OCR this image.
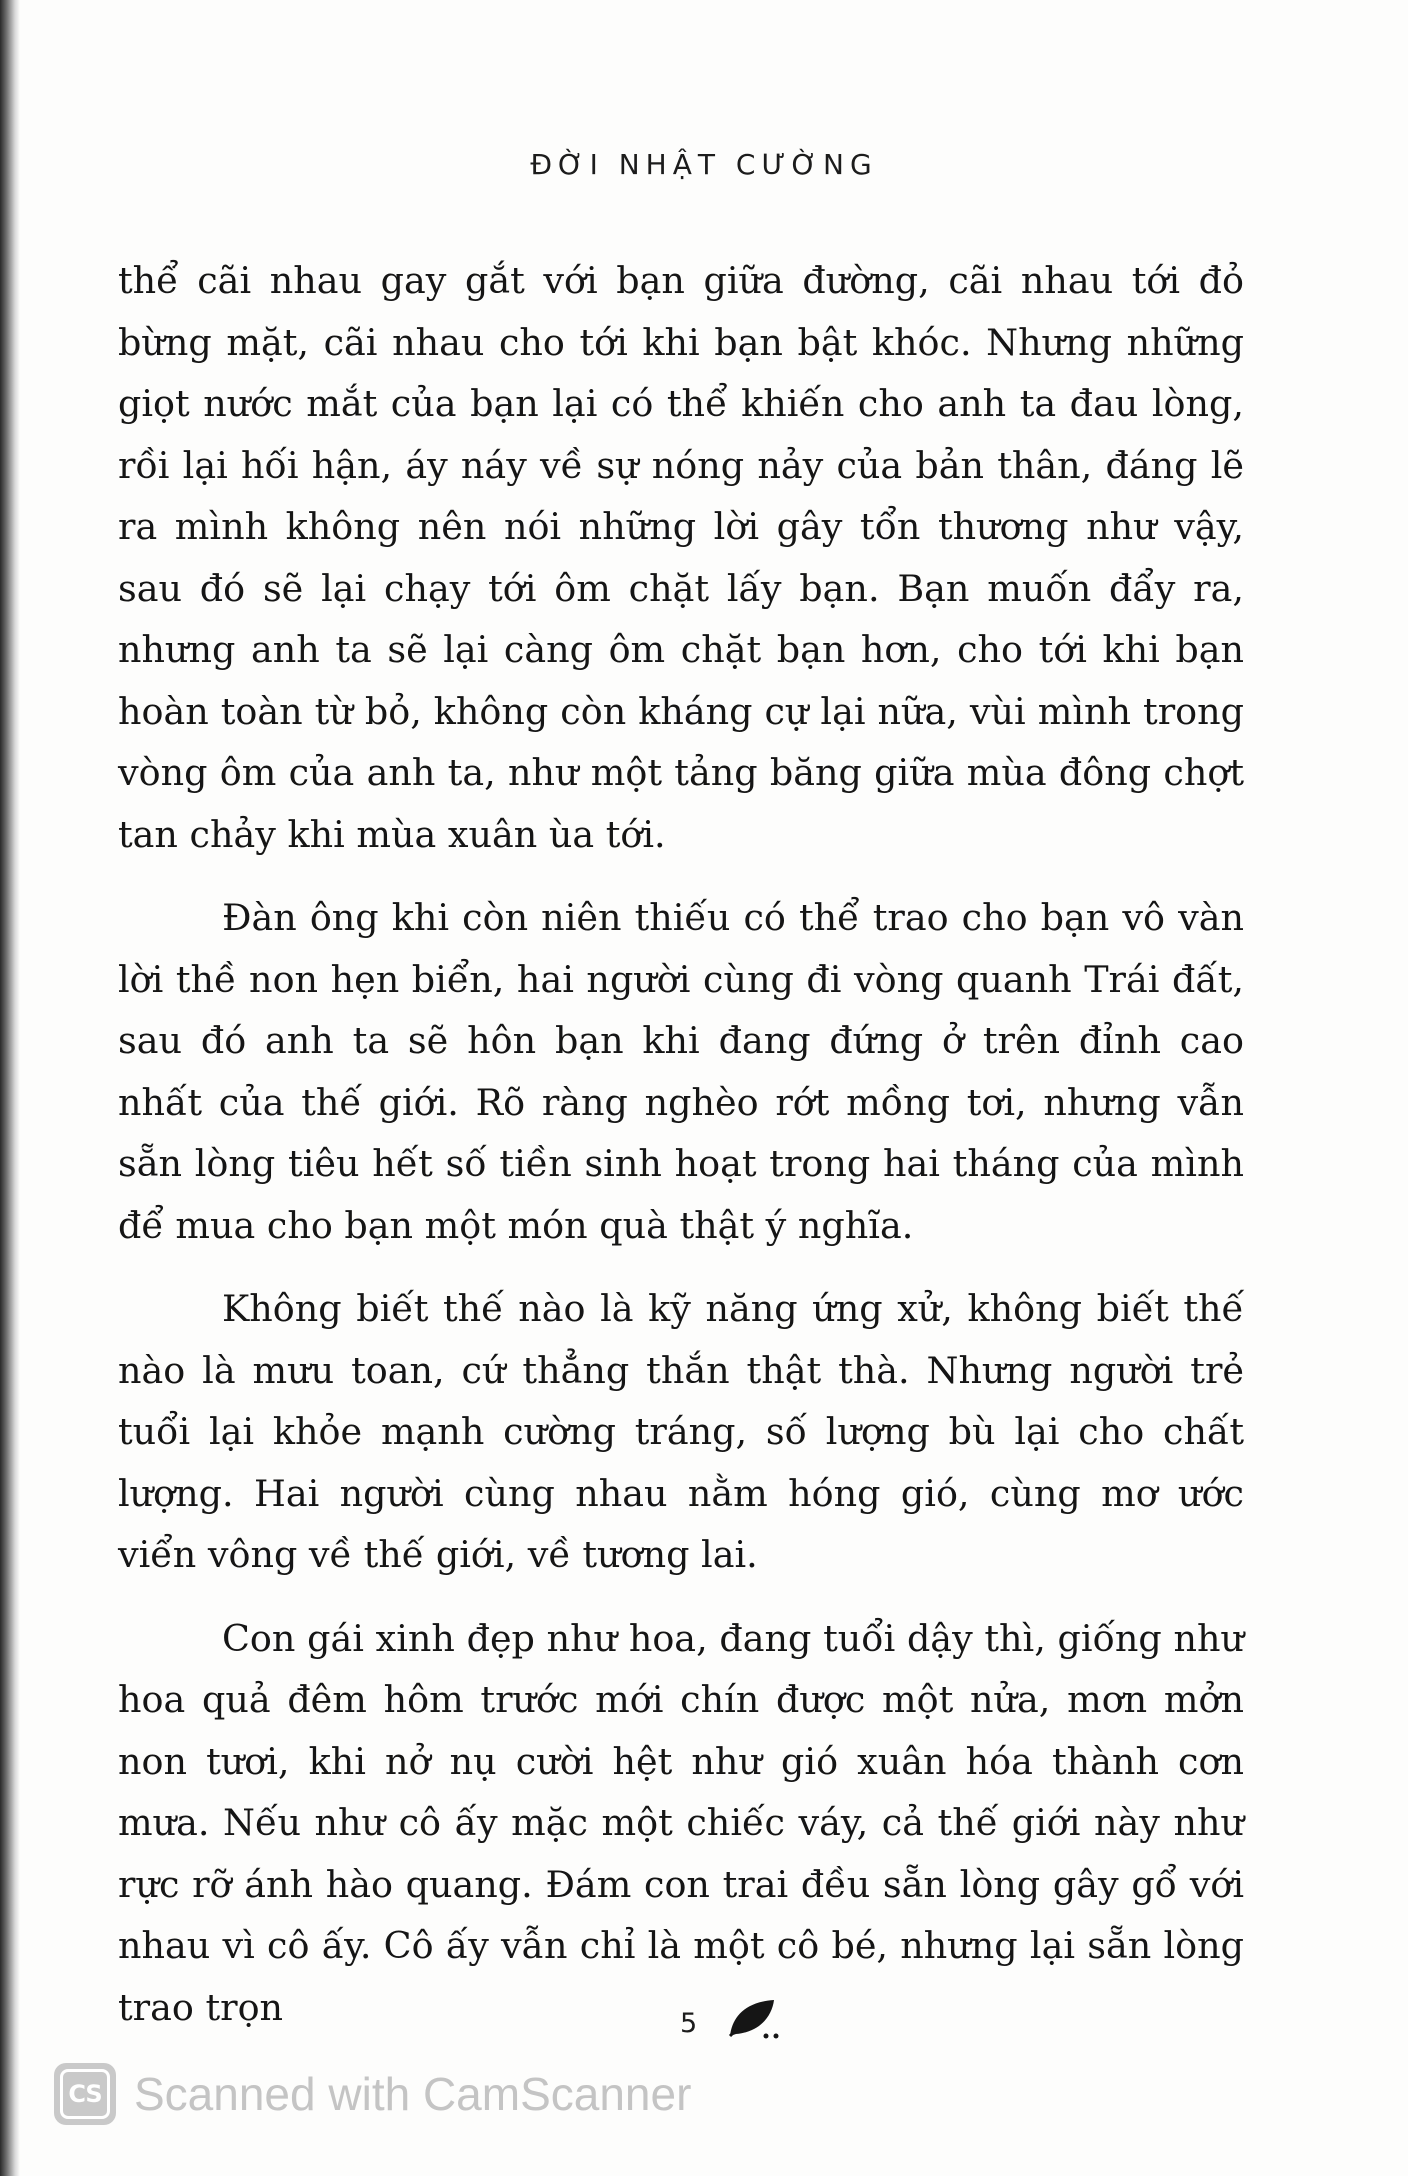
ĐỜI NHẬT CƯỜNG

thể cãi nhau gay gắt với bạn giữa đường, cãi nhau tới đỏ bừng mặt, cãi nhau cho tới khi bạn bật khóc. Nhưng những giọt nước mắt của bạn lại có thể khiến cho anh ta đau lòng, rồi lại hối hận, áy náy về sự nóng nảy của bản thân, đáng lẽ ra mình không nên nói những lời gây tổn thương như vậy, sau đó sẽ lại chạy tới ôm chặt lấy bạn. Bạn muốn đẩy ra, nhưng anh ta sẽ lại càng ôm chặt bạn hơn, cho tới khi bạn hoàn toàn từ bỏ, không còn kháng cự lại nữa, vùi mình trong vòng ôm của anh ta, như một tảng băng giữa mùa đông chợt tan chảy khi mùa xuân ùa tới.

Đàn ông khi còn niên thiếu có thể trao cho bạn vô vàn lời thề non hẹn biển, hai người cùng đi vòng quanh Trái đất, sau đó anh ta sẽ hôn bạn khi đang đứng ở trên đỉnh cao nhất của thế giới. Rõ ràng nghèo rớt mồng tơi, nhưng vẫn sẵn lòng tiêu hết số tiền sinh hoạt trong hai tháng của mình để mua cho bạn một món quà thật ý nghĩa.

Không biết thế nào là kỹ năng ứng xử, không biết thế nào là mưu toan, cứ thẳng thắn thật thà. Nhưng người trẻ tuổi lại khỏe mạnh cường tráng, số lượng bù lại cho chất lượng. Hai người cùng nhau nằm hóng gió, cùng mơ ước viển vông về thế giới, về tương lai.

Con gái xinh đẹp như hoa, đang tuổi dậy thì, giống như hoa quả đêm hôm trước mới chín được một nửa, mơn mởn non tươi, khi nở nụ cười hệt như gió xuân hóa thành cơn mưa. Nếu như cô ấy mặc một chiếc váy, cả thế giới này như rực rỡ ánh hào quang. Đám con trai đều sẵn lòng gây gổ với nhau vì cô ấy. Cô ấy vẫn chỉ là một cô bé, nhưng lại sẵn lòng trao trọn	5
CS Scanned with CamScanner
